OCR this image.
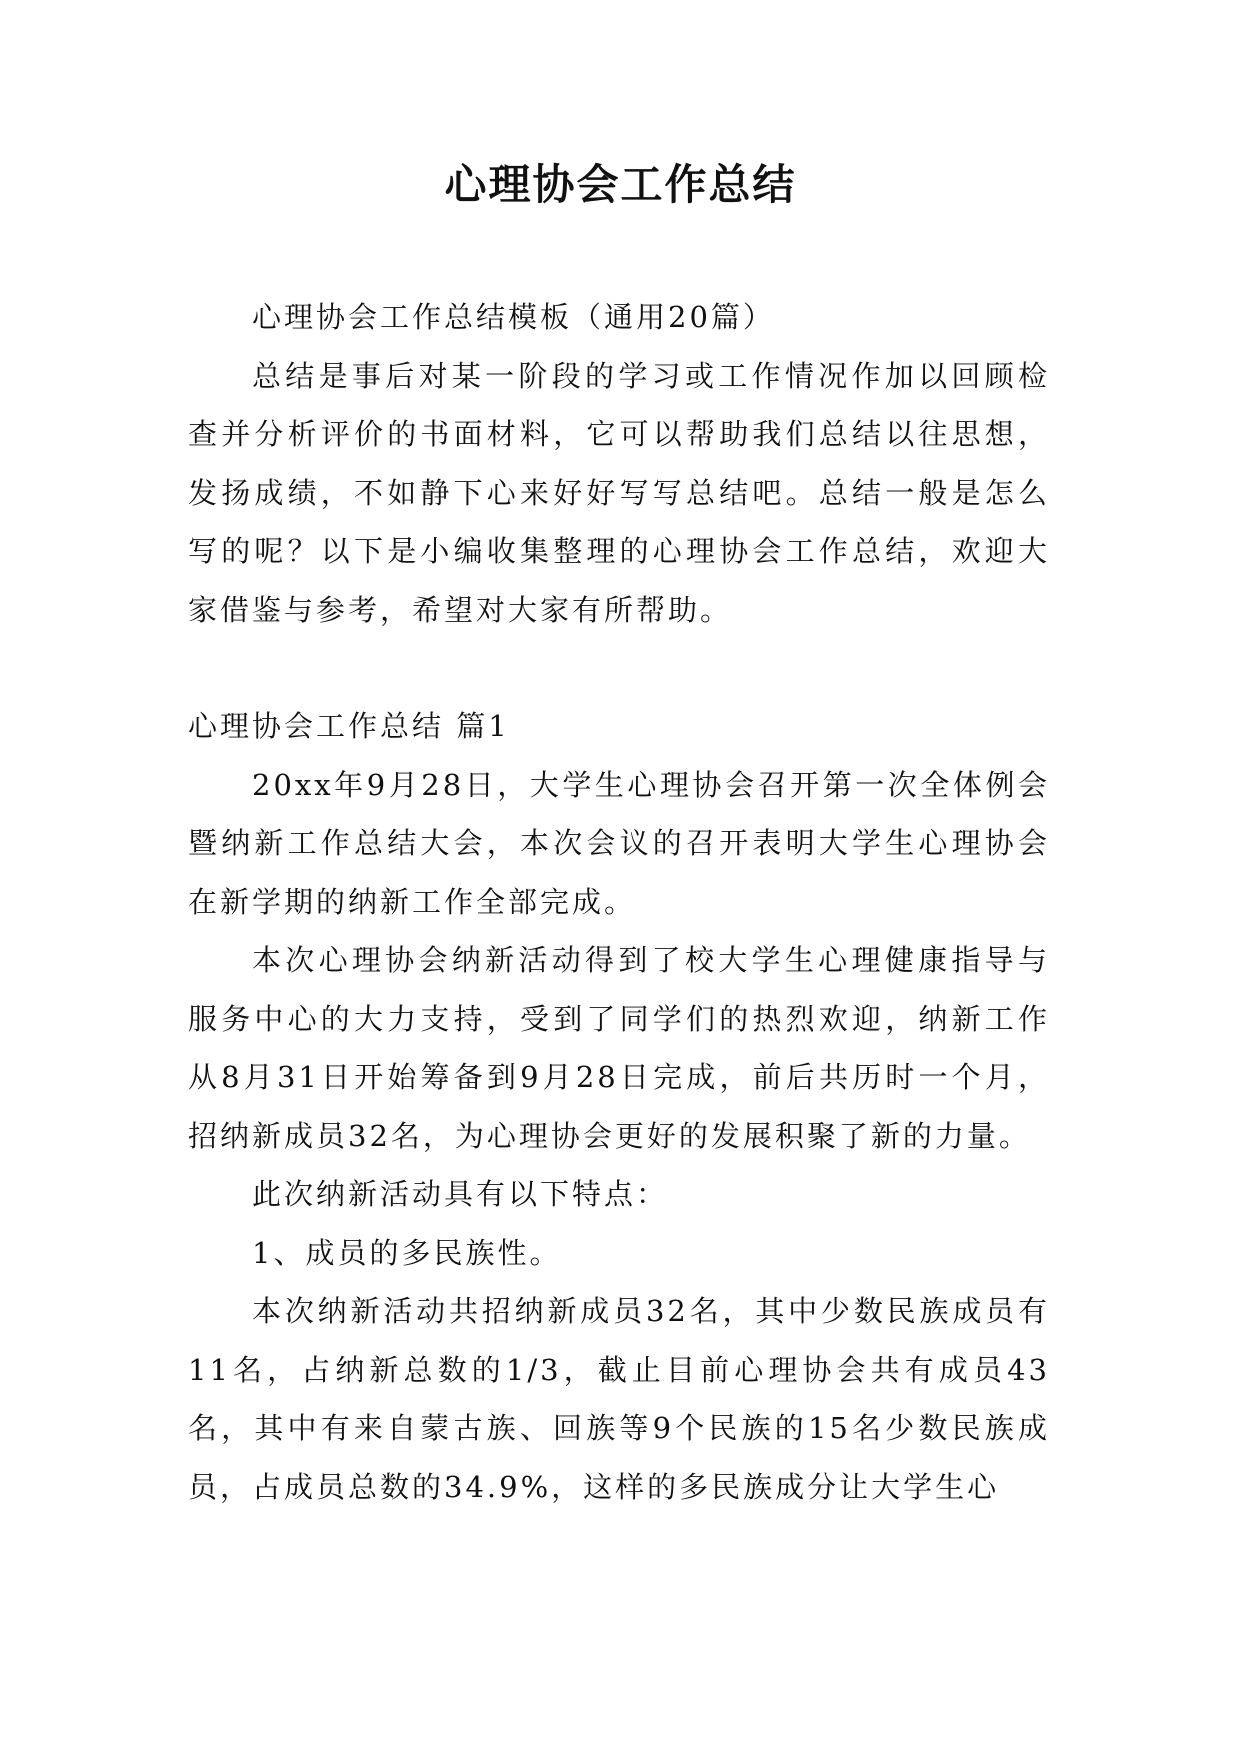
心理协会工作总结

心理协会工作总结模板（通用20篇）

总结是事后对某一阶段的学习或工作情况作加以回顾检查并分析评价的书面材料，它可以帮助我们总结以往思想，发扬成绩，不如静下心来好好写写总结吧。总结一般是怎么写的呢？以下是小编收集整理的心理协会工作总结，欢迎大家借鉴与参考，希望对大家有所帮助。

心理协会工作总结 篇1

20xx年9月28日，大学生心理协会召开第一次全体例会暨纳新工作总结大会，本次会议的召开表明大学生心理协会在新学期的纳新工作全部完成。

本次心理协会纳新活动得到了校大学生心理健康指导与服务中心的大力支持，受到了同学们的热烈欢迎，纳新工作从8月31日开始筹备到9月28日完成，前后共历时一个月，招纳新成员32名，为心理协会更好的发展积聚了新的力量。

此次纳新活动具有以下特点：

1、成员的多民族性。

本次纳新活动共招纳新成员32名，其中少数民族成员有11名，占纳新总数的1/3，截止目前心理协会共有成员43名，其中有来自蒙古族、回族等9个民族的15名少数民族成员，占成员总数的34.9%，这样的多民族成分让大学生心
